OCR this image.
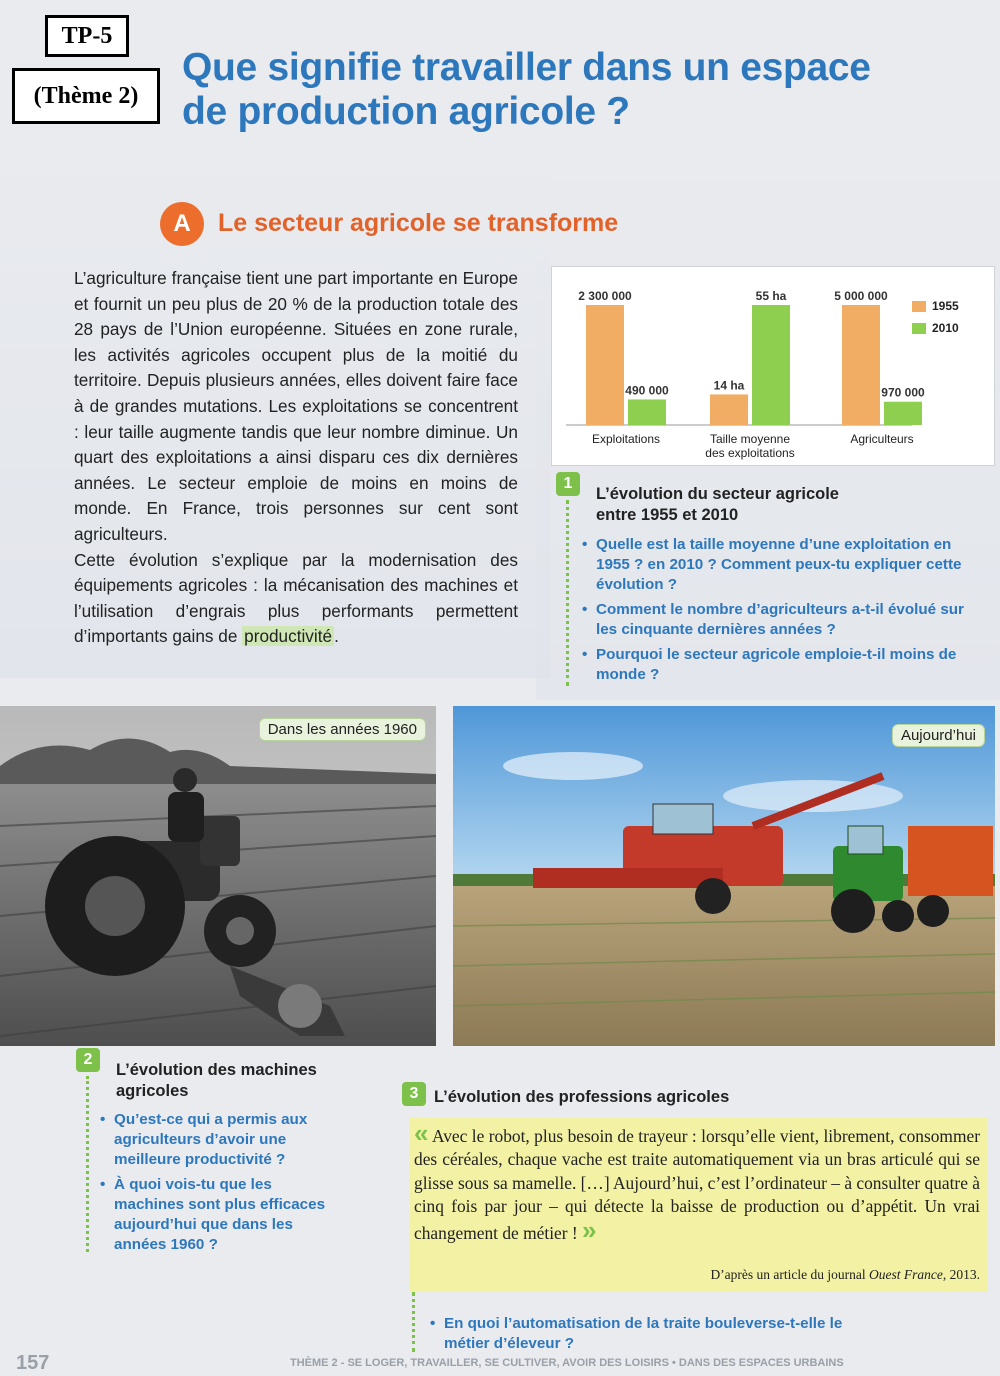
TP-5
(Thème 2)
Que signifie travailler dans un espace
de production agricole ?
A	Le secteur agricole se transforme

L’agriculture française tient une part importante en Europe et fournit un peu plus de 20 % de la production totale des 28 pays de l’Union européenne. Situées en zone rurale, les activités agricoles occupent plus de la moitié du territoire. Depuis plusieurs années, elles doivent faire face à de grandes mutations. Les exploitations se concentrent : leur taille augmente tandis que leur nombre diminue. Un quart des exploitations a ainsi disparu ces dix dernières années. Le secteur emploie de moins en moins de monde. En France, trois personnes sur cent sont agriculteurs.

Cette évolution s’explique par la modernisation des équipements agricoles : la mécanisation des machines et l’utilisation d’engrais plus performants permettent d’importants gains de productivité .

2 300 000
490 000
Exploitations
14 ha
55 ha
Taille moyenne
des exploitations
5 000 000
970 000
Agriculteurs
1955
2010
1
L’évolution du secteur agricole
entre 1955 et 2010
• Quelle est la taille moyenne d’une exploitation en 1955 ? en 2010 ? Comment peux-tu expliquer cette évolution ?
• Comment le nombre d’agriculteurs a-t-il évolué sur les cinquante dernières années ?
• Pourquoi le secteur agricole emploie-t-il moins de monde ?
Dans les années 1960	Aujourd’hui
2
L’évolution des machines
agricoles
• Qu’est-ce qui a permis aux agriculteurs d’avoir une meilleure productivité ?
• À quoi vois-tu que les machines sont plus efficaces aujourd’hui que dans les années 1960 ?
3 L’évolution des professions agricoles
« Avec le robot, plus besoin de trayeur : lorsqu’elle vient, librement, consommer des céréales, chaque vache est traite automatiquement via un bras articulé qui se glisse sous sa mamelle. […] Aujourd’hui, c’est l’ordinateur – à consulter quatre à cinq fois par jour – qui détecte la baisse de production ou d’appétit. Un vrai changement de métier ! »
D’après un article du journal Ouest France, 2013.
• En quoi l’automatisation de la traite bouleverse-t-elle le métier d’éleveur ?
157	THÈME 2 - SE LOGER, TRAVAILLER, SE CULTIVER, AVOIR DES LOISIRS • DANS DES ESPACES URBAINS
